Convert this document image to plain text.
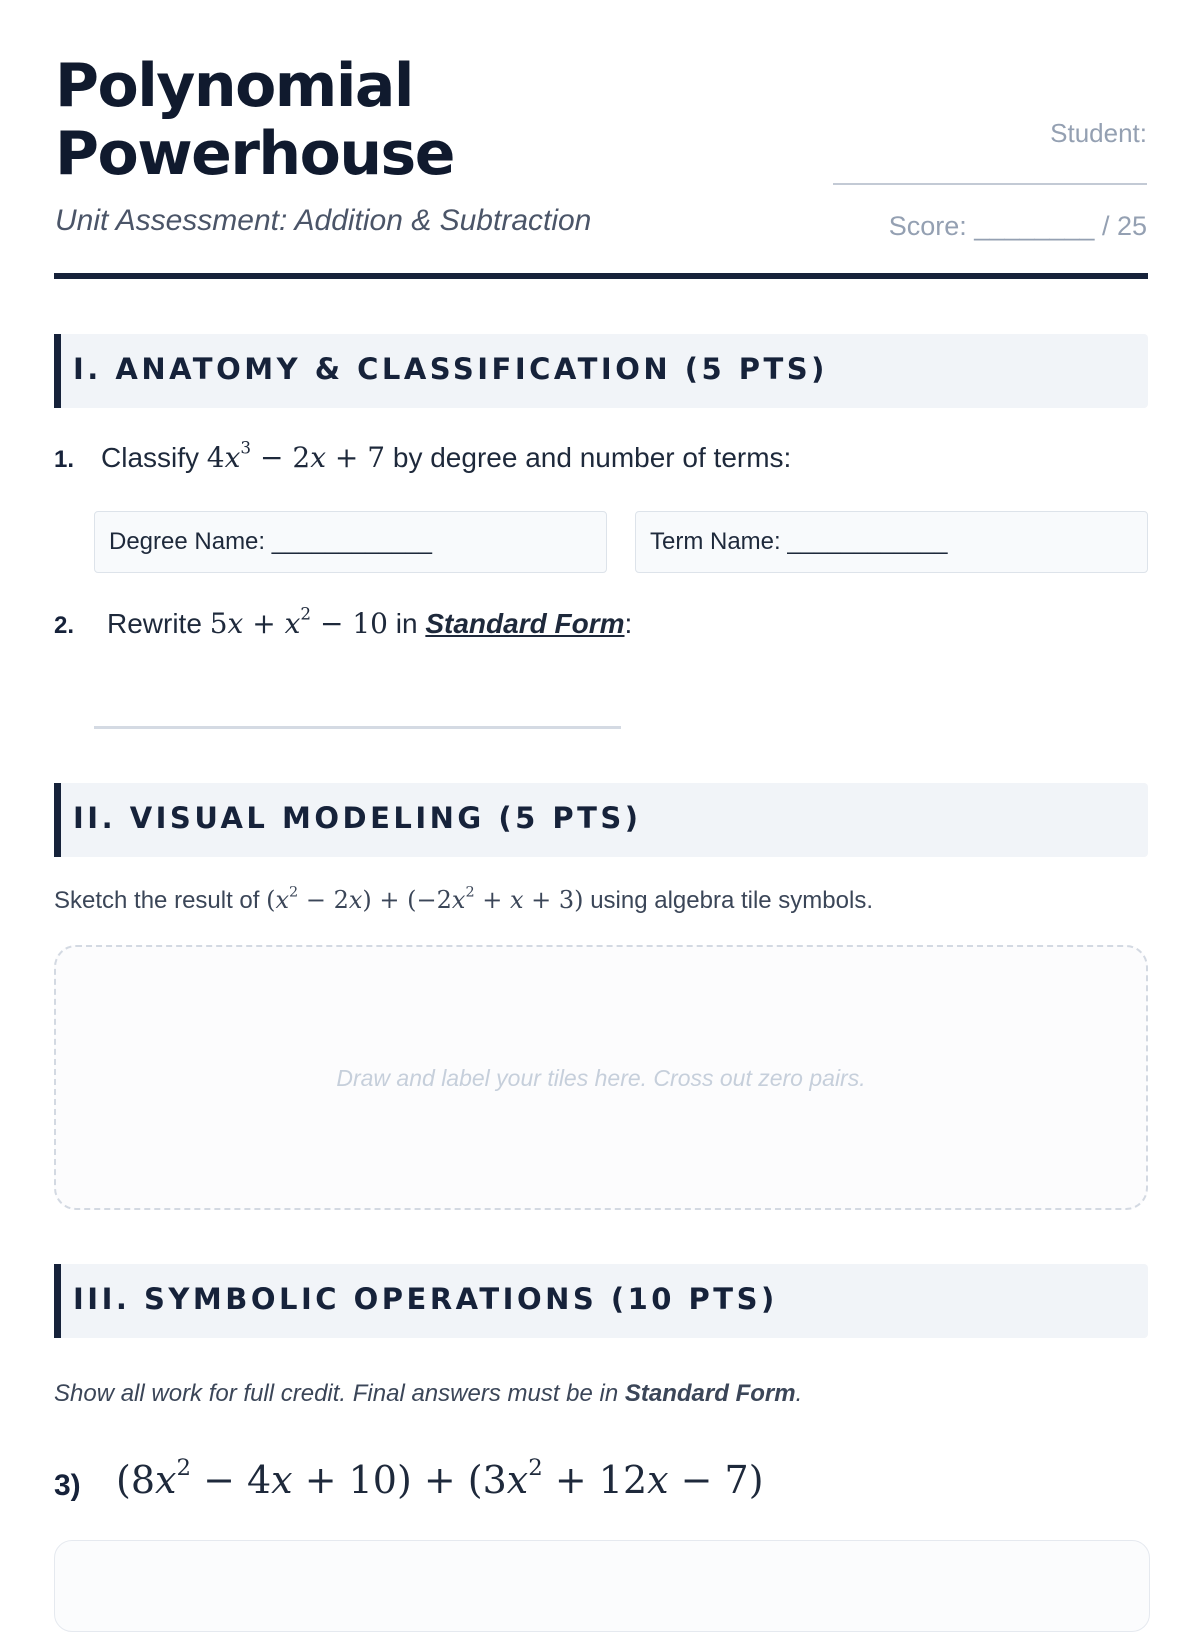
Polynomial
Powerhouse
Unit Assessment: Addition & Subtraction
Student:
Score: ________ / 25
I. ANATOMY & CLASSIFICATION (5 PTS)
1. Classify $4x^3 - 2x + 7$ by degree and number of terms:
Degree Name: ____________	Term Name: ____________
2. Rewrite $5x + x^2 - 10$ in Standard Form:
II. VISUAL MODELING (5 PTS)
Sketch the result of $(x^2 - 2x) + (-2x^2 + x + 3)$ using algebra tile symbols.
Draw and label your tiles here. Cross out zero pairs.
III. SYMBOLIC OPERATIONS (10 PTS)
Show all work for full credit. Final answers must be in Standard Form.
3) $(8x^2 - 4x + 10) + (3x^2 + 12x - 7)$
